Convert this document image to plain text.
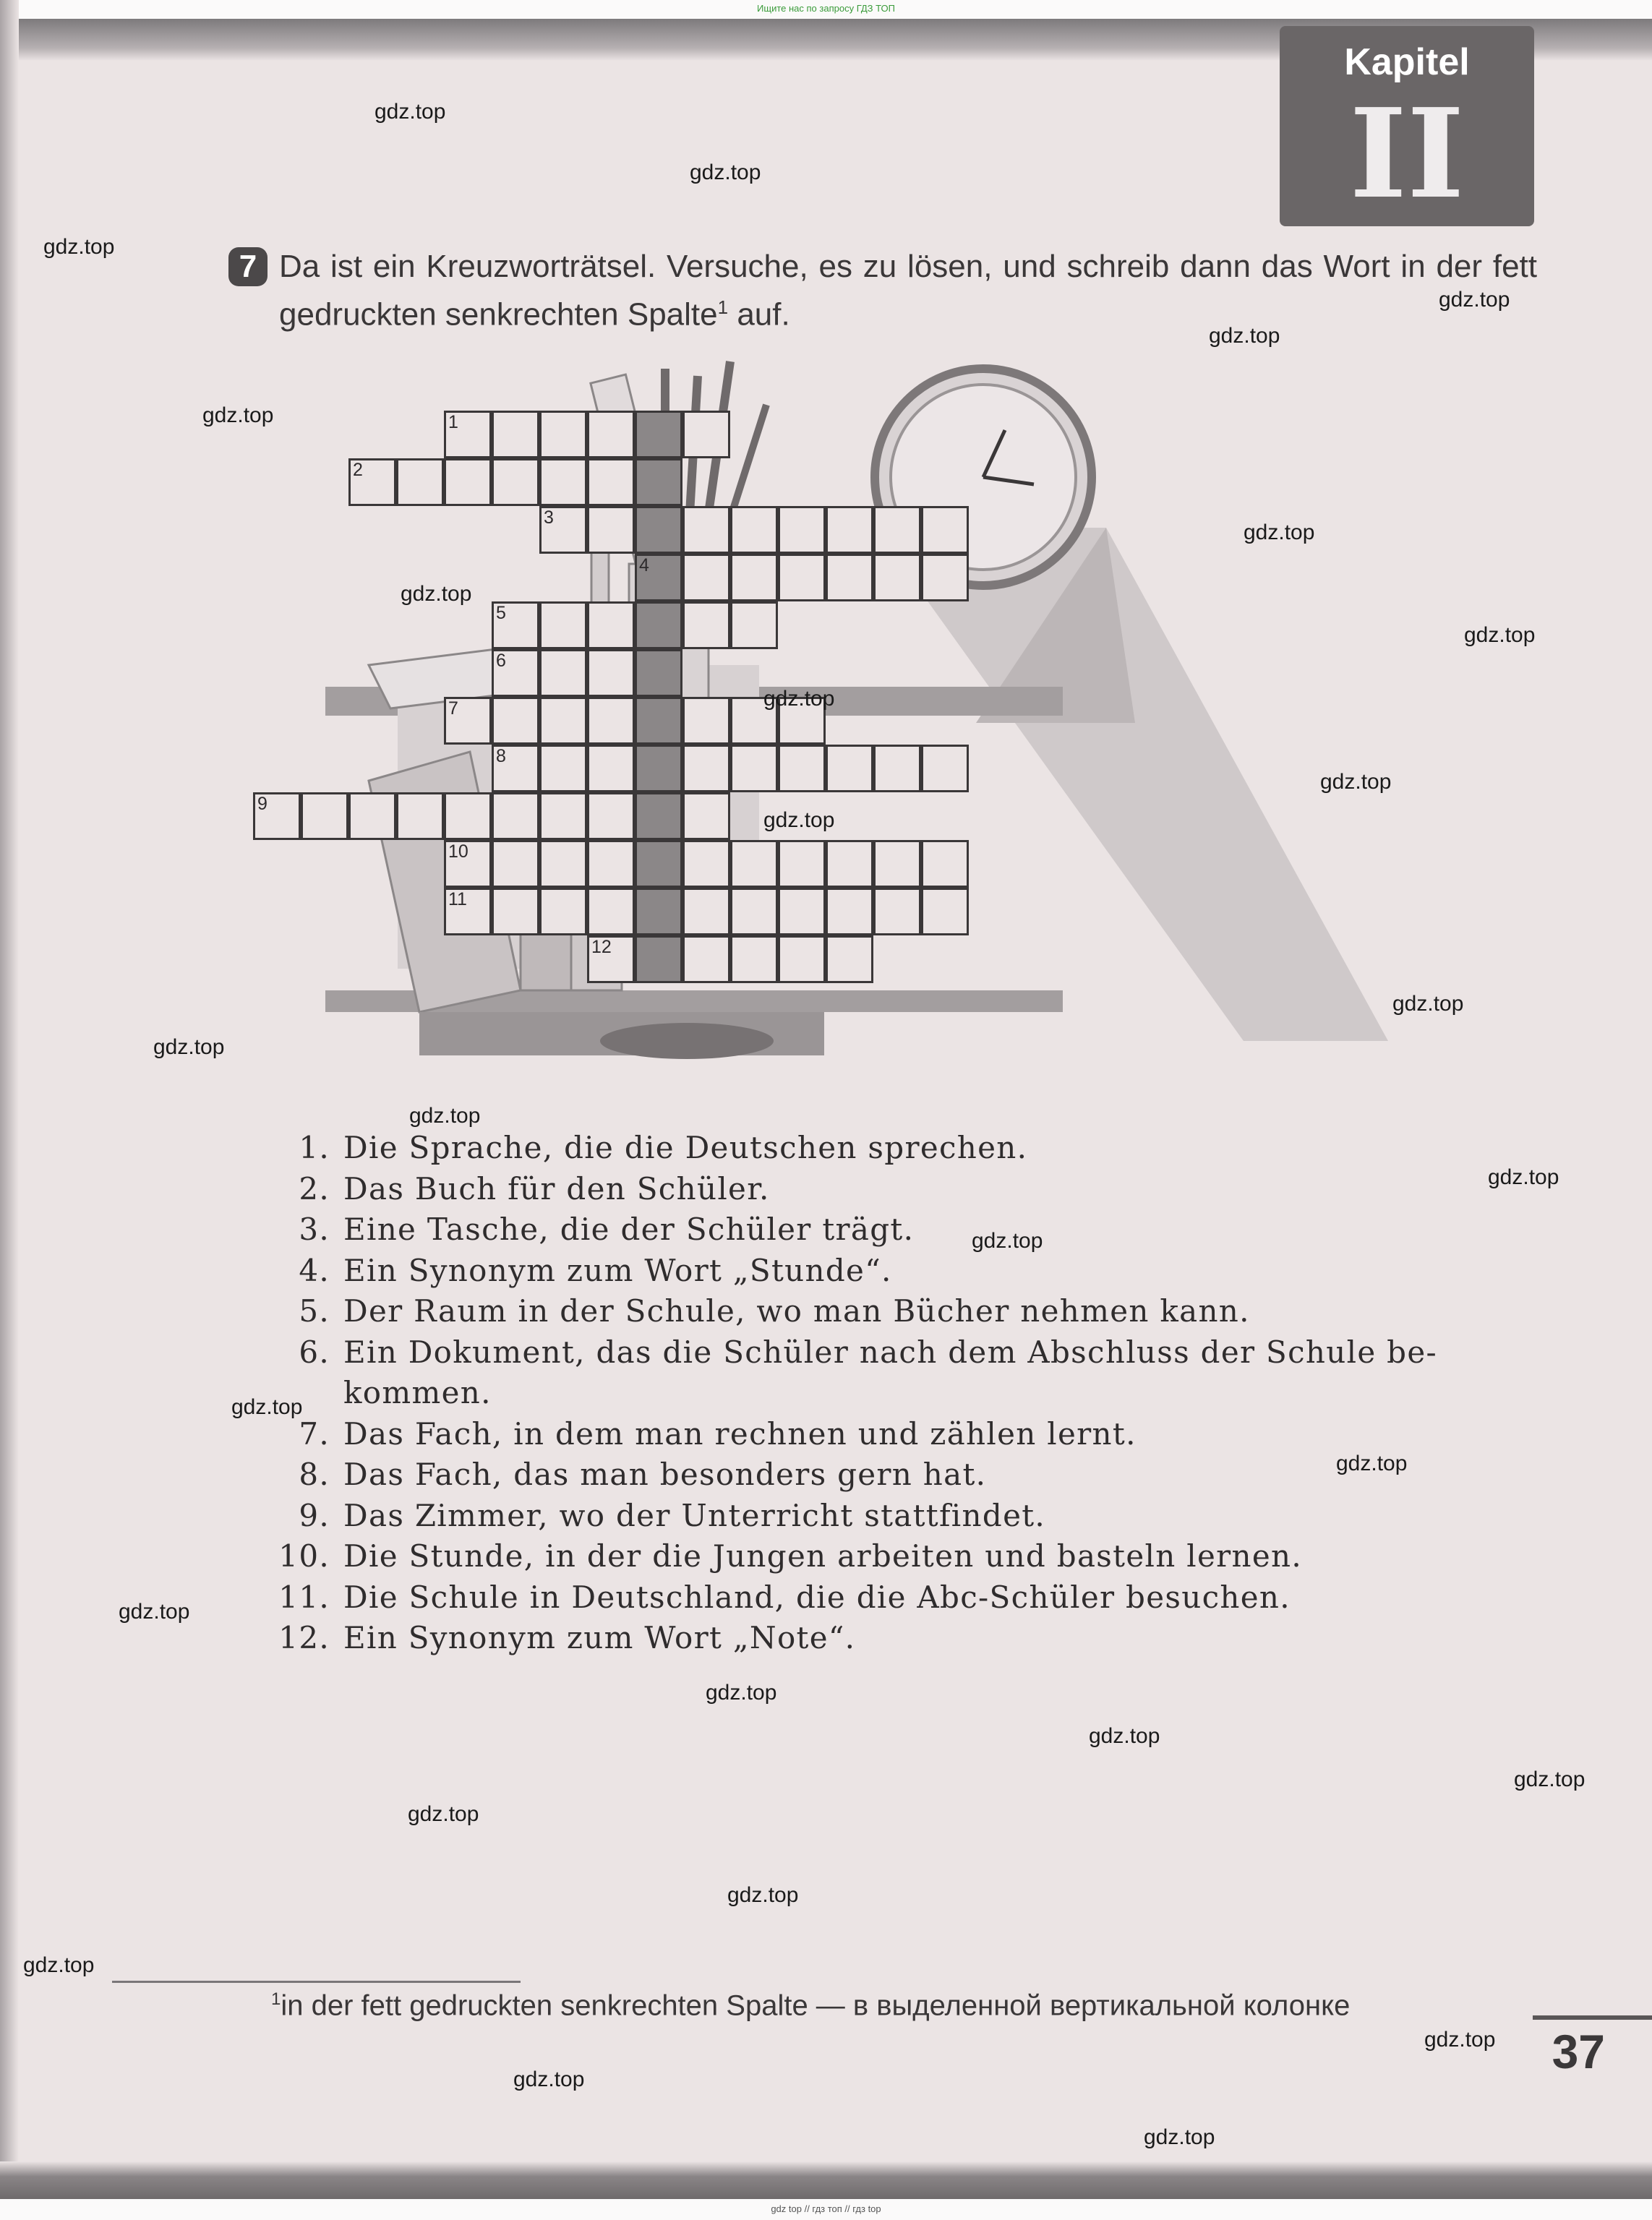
Ищите нас по запросу ГДЗ ТОП
Kapitel
II
7 Da ist ein Kreuzworträtsel. Versuche, es zu lösen, und schreib dann das Wort in der fett gedruckten senkrechten Spalte$^1$ auf.
1
2
3
4
5
6
7
8
9
10
11
12
1. Die Sprache, die die Deutschen sprechen.
2. Das Buch für den Schüler.
3. Eine Tasche, die der Schüler trägt.
4. Ein Synonym zum Wort „Stunde“.
5. Der Raum in der Schule, wo man Bücher nehmen kann.
6. Ein Dokument, das die Schüler nach dem Abschluss der Schule be-
kommen.
7. Das Fach, in dem man rechnen und zählen lernt.
8. Das Fach, das man besonders gern hat.
9. Das Zimmer, wo der Unterricht stattfindet.
10. Die Stunde, in der die Jungen arbeiten und basteln lernen.
11. Die Schule in Deutschland, die die Abc-Schüler besuchen.
12. Ein Synonym zum Wort „Note“.
$^1$in der fett gedruckten senkrechten Spalte — в выделенной вертикальной колонке
37
gdz top // гдз топ // гдз top
gdz.top
gdz.top
gdz.top
gdz.top
gdz.top
gdz.top
gdz.top
gdz.top
gdz.top
gdz.top
gdz.top
gdz.top
gdz.top
gdz.top
gdz.top
gdz.top
gdz.top
gdz.top
gdz.top
gdz.top
gdz.top
gdz.top
gdz.top
gdz.top
gdz.top
gdz.top
gdz.top
gdz.top
gdz.top
